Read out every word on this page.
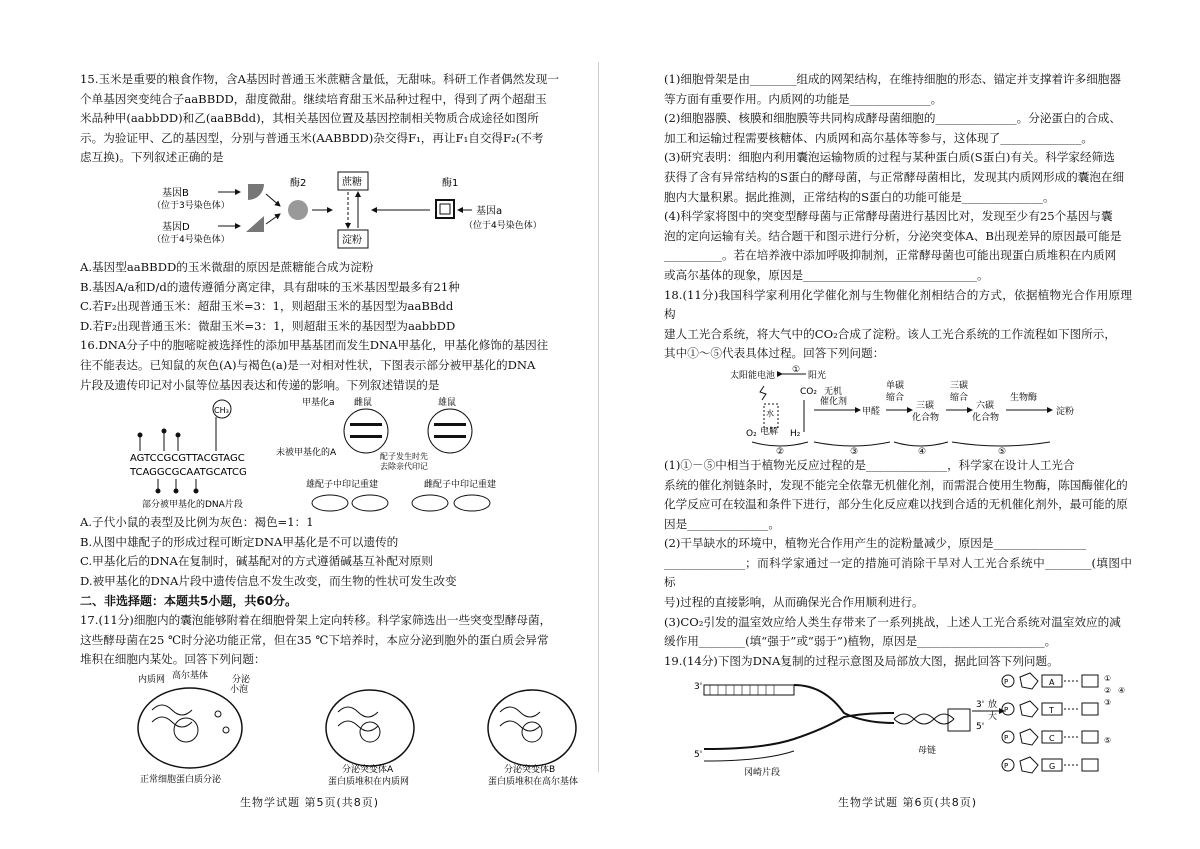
15.玉米是重要的粮食作物，含A基因时普通玉米蔗糖含量低，无甜味。科研工作者偶然发现一

个单基因突变纯合子aaBBDD，甜度微甜。继续培育甜玉米品种过程中，得到了两个超甜玉

米品种甲(aabbDD)和乙(aaBBdd)，其相关基因位置及基因控制相关物质合成途径如图所

示。为验证甲、乙的基因型，分别与普通玉米(AABBDD)杂交得F₁，再让F₁自交得F₂(不考

虑互换)。下列叙述正确的是

基因B
（位于3号染色体）
基因D
（位于4号染色体）
酶2	蔗糖
淀粉
酶1
基因a
（位于4号染色体）

A.基因型aaBBDD的玉米微甜的原因是蔗糖能合成为淀粉

B.基因A/a和D/d的遗传遵循分离定律，具有甜味的玉米基因型最多有21种

C.若F₂出现普通玉米：超甜玉米=3：1，则超甜玉米的基因型为aaBBdd

D.若F₂出现普通玉米：微甜玉米=3：1，则超甜玉米的基因型为aabbDD

16.DNA分子中的胞嘧啶被选择性的添加甲基基团而发生DNA甲基化，甲基化修饰的基因往

往不能表达。已知鼠的灰色(A)与褐色(a)是一对相对性状，下图表示部分被甲基化的DNA

片段及遗传印记对小鼠等位基因表达和传递的影响。下列叙述错误的是

CH₃
AGTCCGCGTTACGTAGC
TCAGGCGCAATGCATCG
部分被甲基化的DNA片段
甲基化a 雌鼠	雄鼠
未被甲基化的A	配子发生时先
去除亲代印记
雄配子中印记重建	雌配子中印记重建

A.子代小鼠的表型及比例为灰色：褐色=1：1

B.从图中雄配子的形成过程可断定DNA甲基化是不可以遗传的

C.甲基化后的DNA在复制时，碱基配对的方式遵循碱基互补配对原则

D.被甲基化的DNA片段中遗传信息不发生改变，而生物的性状可发生改变

二、非选择题：本题共5小题，共60分。

17.(11分)细胞内的囊泡能够附着在细胞骨架上定向转移。科学家筛选出一些突变型酵母菌，

这些酵母菌在25 ℃时分泌功能正常，但在35 ℃下培养时，本应分泌到胞外的蛋白质会异常

堆积在细胞内某处。回答下列问题：

内质网 高尔基体	分泌
小泡
正常细胞蛋白质分泌
分泌突变体A
蛋白质堆积在内质网
分泌突变体B
蛋白质堆积在高尔基体
生物学试题 第5页(共8页)

(1)细胞骨架是由________组成的网架结构，在维持细胞的形态、锚定并支撑着许多细胞器

等方面有重要作用。内质网的功能是______________。

(2)细胞器膜、核膜和细胞膜等共同构成酵母菌细胞的______________。分泌蛋白的合成、

加工和运输过程需要核糖体、内质网和高尔基体等参与，这体现了______________。

(3)研究表明：细胞内利用囊泡运输物质的过程与某种蛋白质(S蛋白)有关。科学家经筛选

获得了含有异常结构的S蛋白的酵母菌，与正常酵母菌相比，发现其内质网形成的囊泡在细

胞内大量积累。据此推测，正常结构的S蛋白的功能可能是______________。

(4)科学家将图中的突变型酵母菌与正常酵母菌进行基因比对，发现至少有25个基因与囊

泡的定向运输有关。结合题干和图示进行分析，分泌突变体A、B出现差异的原因最可能是

__________。若在培养液中添加呼吸抑制剂，正常酵母菌也可能出现蛋白质堆积在内质网

或高尔基体的现象，原因是______________________________。

18.(11分)我国科学家利用化学催化剂与生物催化剂相结合的方式，依据植物光合作用原理构

建人工光合系统，将大气中的CO₂合成了淀粉。该人工光合系统的工作流程如下图所示，

其中①～⑤代表具体过程。回答下列问题：

太阳能电池
①
阳光
CO₂
水
电解
O₂	H₂
无机
催化剂
甲醛
单碳
缩合
三碳
化合物
三碳
缩合
六碳
化合物
生物酶
淀粉
②	③	④	⑤

(1)①－⑤中相当于植物光反应过程的是______________，科学家在设计人工光合

系统的催化剂链条时，发现不能完全依靠无机催化剂，而需混合使用生物酶，陈国酶催化的

化学反应可在较温和条件下进行，部分生化反应难以找到合适的无机催化剂外，最可能的原

因是______________。

(2)干旱缺水的环境中，植物光合作用产生的淀粉量减少，原因是________________

______________；而科学家通过一定的措施可消除干旱对人工光合系统中________(填图中标

号)过程的直接影响，从而确保光合作用顺利进行。

(3)CO₂引发的温室效应给人类生存带来了一系列挑战，上述人工光合系统对温室效应的减

缓作用________(填“强于”或“弱于”)植物，原因是______________________。

19.(14分)下图为DNA复制的过程示意图及局部放大图，据此回答下列问题。

3'
5'
3' 放
大
5'
母链
冈崎片段
P
P
P
P
A
T
C
G
①
②
③
④
⑤
生物学试题 第6页(共8页)
